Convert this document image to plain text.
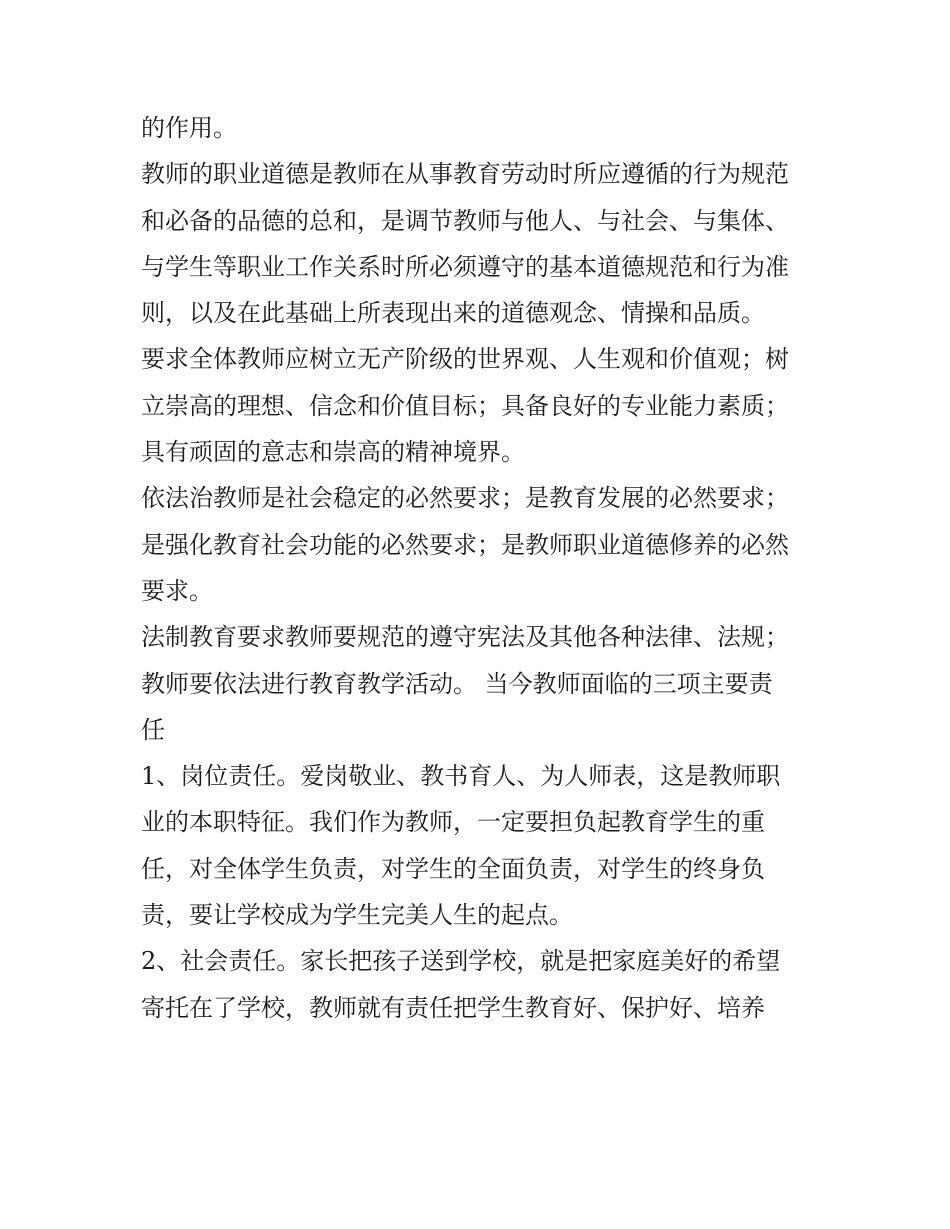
的作用。
教师的职业道德是教师在从事教育劳动时所应遵循的行为规范
和必备的品德的总和，是调节教师与他人、与社会、与集体、
与学生等职业工作关系时所必须遵守的基本道德规范和行为准
则，以及在此基础上所表现出来的道德观念、情操和品质。
要求全体教师应树立无产阶级的世界观、人生观和价值观；树
立崇高的理想、信念和价值目标；具备良好的专业能力素质；
具有顽固的意志和崇高的精神境界。
依法治教师是社会稳定的必然要求；是教育发展的必然要求；
是强化教育社会功能的必然要求；是教师职业道德修养的必然
要求。
法制教育要求教师要规范的遵守宪法及其他各种法律、法规；
教师要依法进行教育教学活动。 当今教师面临的三项主要责
任
1、岗位责任。爱岗敬业、教书育人、为人师表，这是教师职
业的本职特征。我们作为教师，一定要担负起教育学生的重
任，对全体学生负责，对学生的全面负责，对学生的终身负
责，要让学校成为学生完美人生的起点。
2、社会责任。家长把孩子送到学校，就是把家庭美好的希望
寄托在了学校，教师就有责任把学生教育好、保护好、培养
